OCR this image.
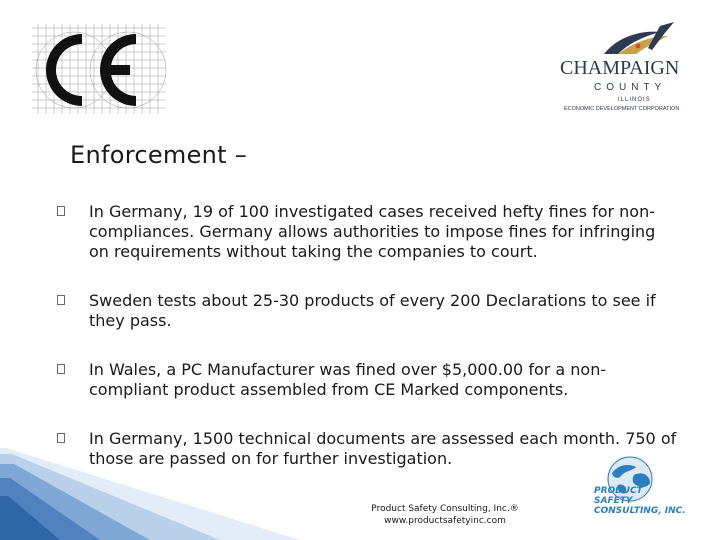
CHAMPAIGN
COUNTY
ILLINOIS
ECONOMIC DEVELOPMENT CORPORATION
Enforcement –
In Germany, 19 of 100 investigated cases received hefty fines for non-compliances. Germany allows authorities to impose fines for infringing on requirements without taking the companies to court.
Sweden tests about 25-30 products of every 200 Declarations to see if they pass.
In Wales, a PC Manufacturer was fined over $5,000.00 for a non-compliant product assembled from CE Marked components.
In Germany, 1500 technical documents are assessed each month. 750 of those are passed on for further investigation.
PRODUCT
SAFETY
CONSULTING, INC.
Product Safety Consulting, Inc.®
www.productsafetyinc.com
